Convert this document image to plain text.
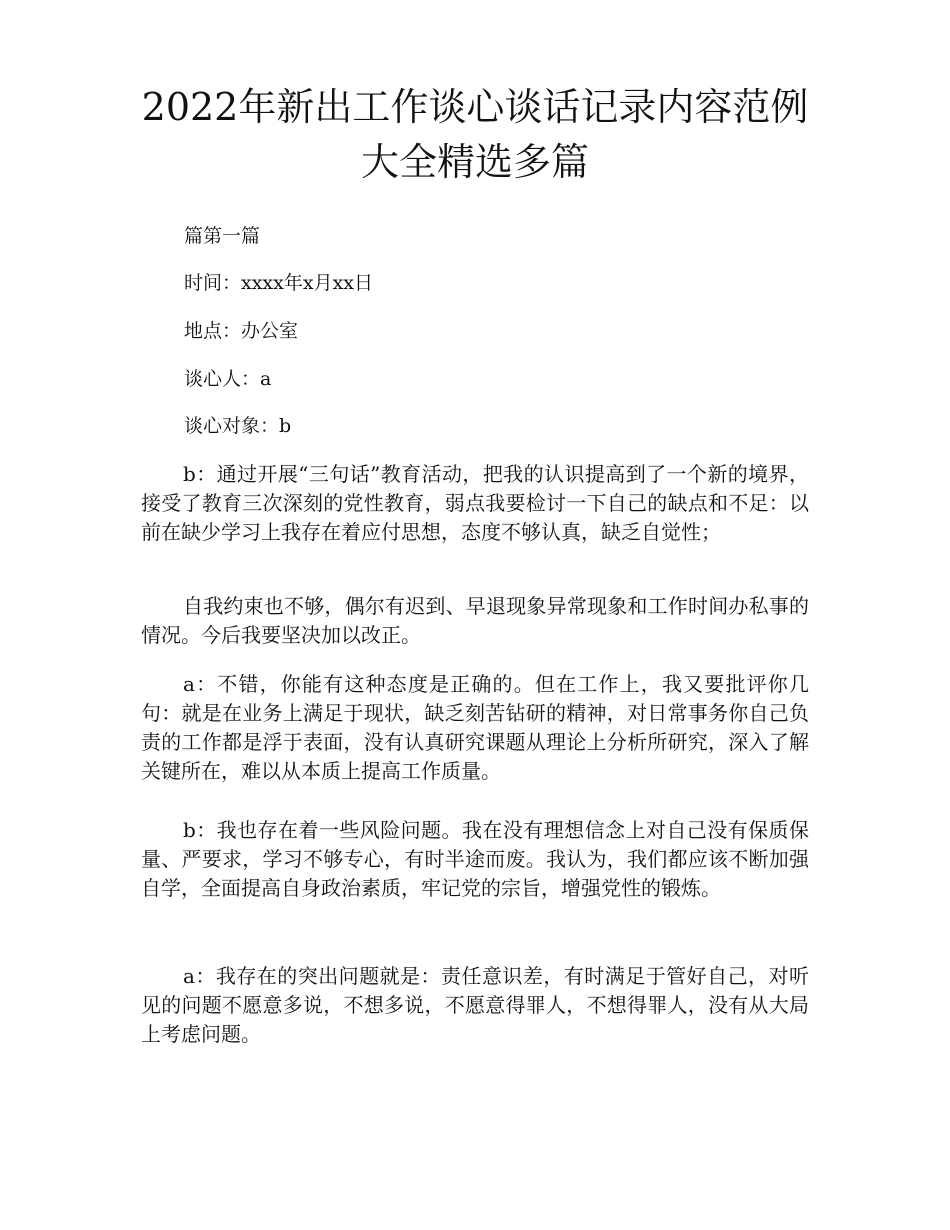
2022年新出工作谈心谈话记录内容范例
大全精选多篇
篇第一篇
时间：xxxx年x月xx日
地点：办公室
谈心人：a
谈心对象：b

b：通过开展“三句话”教育活动，把我的认识提高到了一个新的境界，接受了教育三次深刻的党性教育，弱点我要检讨一下自己的缺点和不足：以前在缺少学习上我存在着应付思想，态度不够认真，缺乏自觉性；

自我约束也不够，偶尔有迟到、早退现象异常现象和工作时间办私事的情况。今后我要坚决加以改正。

a：不错，你能有这种态度是正确的。但在工作上，我又要批评你几句：就是在业务上满足于现状，缺乏刻苦钻研的精神，对日常事务你自己负责的工作都是浮于表面，没有认真研究课题从理论上分析所研究，深入了解关键所在，难以从本质上提高工作质量。

b：我也存在着一些风险问题。我在没有理想信念上对自己没有保质保量、严要求，学习不够专心，有时半途而废。我认为，我们都应该不断加强自学，全面提高自身政治素质，牢记党的宗旨，增强党性的锻炼。

a：我存在的突出问题就是：责任意识差，有时满足于管好自己，对听见的问题不愿意多说，不想多说，不愿意得罪人，不想得罪人，没有从大局上考虑问题。
